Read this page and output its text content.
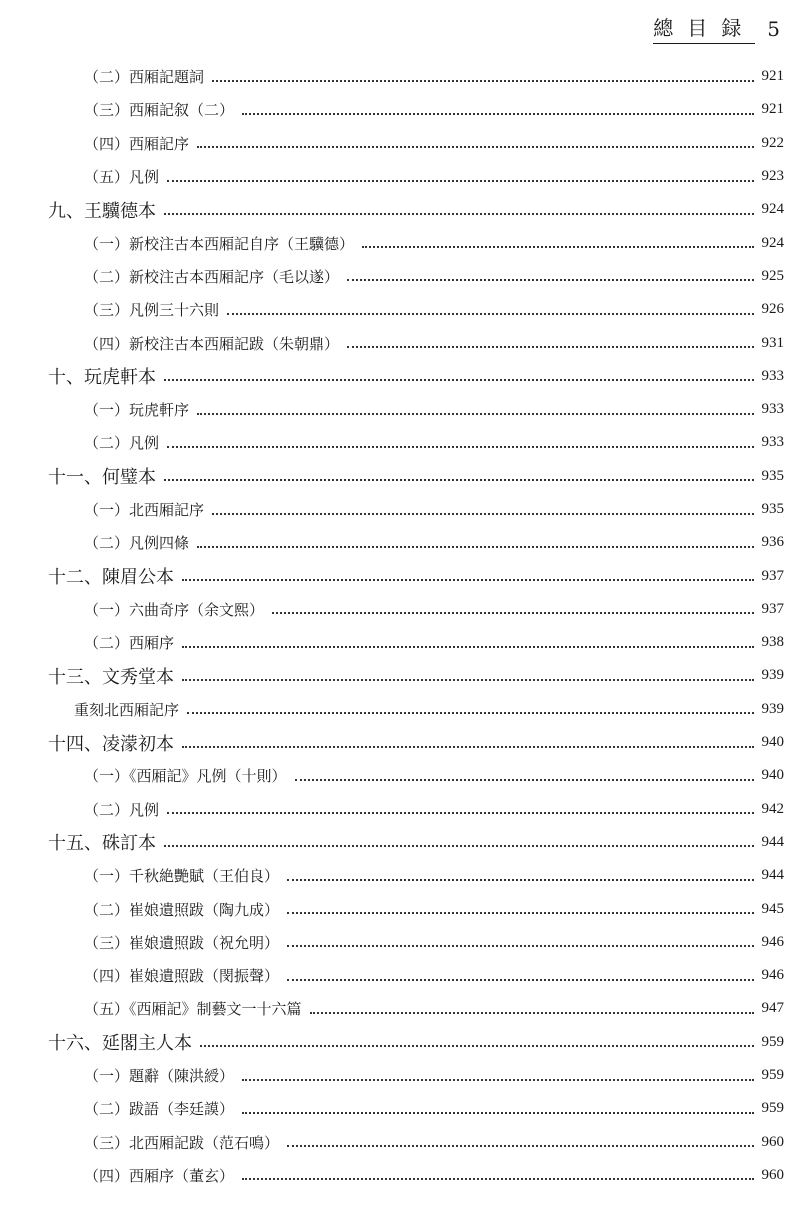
總目録 5
（二）西厢記題詞	921
（三）西厢記叙（二）	921
（四）西厢記序	922
（五）凡例	923
九、王驥德本	924
（一）新校注古本西厢記自序（王驥德）	924
（二）新校注古本西厢記序（毛以遂）	925
（三）凡例三十六則	926
（四）新校注古本西厢記跋（朱朝鼎）	931
十、玩虎軒本	933
（一）玩虎軒序	933
（二）凡例	933
十一、何璧本	935
（一）北西厢記序	935
（二）凡例四條	936
十二、陳眉公本	937
（一）六曲奇序（余文熙）	937
（二）西厢序	938
十三、文秀堂本	939
重刻北西厢記序	939
十四、凌濛初本	940
（一）《西厢記》凡例（十則）	940
（二）凡例	942
十五、硃訂本	944
（一）千秋絶艷賦（王伯良）	944
（二）崔娘遺照跋（陶九成）	945
（三）崔娘遺照跋（祝允明）	946
（四）崔娘遺照跋（閔振聲）	946
（五）《西厢記》制藝文一十六篇	947
十六、延閣主人本	959
（一）題辭（陳洪綬）	959
（二）跋語（李廷謨）	959
（三）北西厢記跋（范石鳴）	960
（四）西厢序（董玄）	960
